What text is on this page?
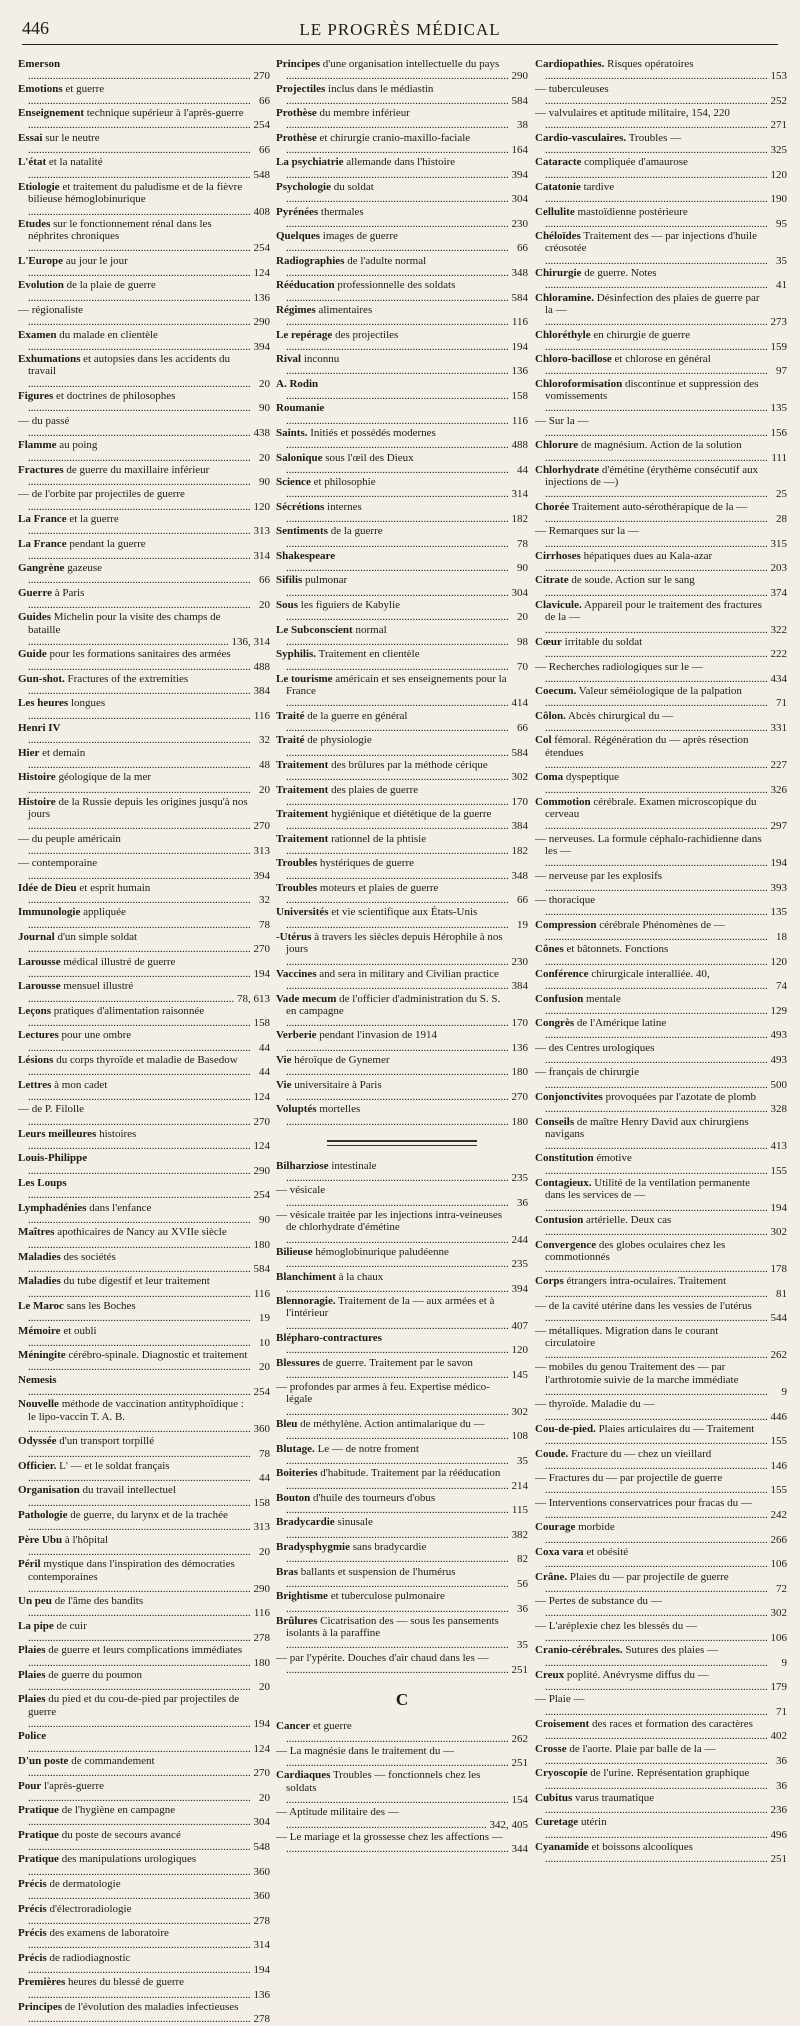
446	LE PROGRÈS MÉDICAL
Emerson .....
270
Emotions et guerre .....
66
Enseignement technique supérieur à l'après-guerre .....
254
Essai sur le neutre .....
66
L'état et la natalité .....
548
Etiologie et traitement du paludisme et de la fièvre bilieuse hémoglobinurique .....
408
Etudes sur le fonctionnement rénal dans les néphrites chroniques .....
254
L'Europe au jour le jour .....
124
Evolution de la plaie de guerre .....
136
— régionaliste .....
290
Examen du malade en clientèle .....
394
Exhumations et autopsies dans les accidents du travail .....
20
Figures et doctrines de philosophes .....
90
— du passé .....
438
Flamme au poing .....
20
Fractures de guerre du maxillaire inférieur .....
90
— de l'orbite par projectiles de guerre .....
120
La France et la guerre .....
313
La France pendant la guerre .....
314
Gangrène gazeuse .....
66
Guerre à Paris .....
20
Guides Michelin pour la visite des champs de bataille .....
136, 314
Guide pour les formations sanitaires des armées .....
488
Gun-shot. Fractures of the extremities .....
384
Les heures longues .....
116
Henri IV .....
32
Hier et demain .....
48
Histoire géologique de la mer .....
20
Histoire de la Russie depuis les origines jusqu'à nos jours .....
270
— du peuple américain .....
313
— contemporaine .....
394
Idée de Dieu et esprit humain .....
32
Immunologie appliquée .....
78
Journal d'un simple soldat .....
270
Larousse médical illustré de guerre .....
194
Larousse mensuel illustré .....
78, 613
Leçons pratiques d'alimentation raisonnée .....
158
Lectures pour une ombre .....
44
Lésions du corps thyroïde et maladie de Basedow .....
44
Lettres à mon cadet .....
124
— de P. Filolle .....
270
Leurs meilleures histoires .....
124
Louis-Philippe .....
290
Les Loups .....
254
Lymphadénies dans l'enfance .....
90
Maîtres apothicaires de Nancy au XVIIe siècle .....
180
Maladies des sociétés .....
584
Maladies du tube digestif et leur traitement .....
116
Le Maroc sans les Boches .....
19
Mémoire et oubli .....
10
Méningite cérébro-spinale. Diagnostic et traitement .....
20
Nemesis .....
254
Nouvelle méthode de vaccination antityphoïdique : le lipo-vaccin T. A. B. .....
360
Odyssée d'un transport torpillé .....
78
Officier. L' — et le soldat français .....
44
Organisation du travail intellectuel .....
158
Pathologie de guerre, du larynx et de la trachée .....
313
Père Ubu à l'hôpital .....
20
Péril mystique dans l'inspiration des démocraties contemporaines .....
290
Un peu de l'âme des bandits .....
116
La pipe de cuir .....
278
Plaies de guerre et leurs complications immédiates .....
180
Plaies de guerre du poumon .....
20
Plaies du pied et du cou-de-pied par projectiles de guerre .....
194
Police .....
124
D'un poste de commandement .....
270
Pour l'après-guerre .....
20
Pratique de l'hygiène en campagne .....
304
Pratique du poste de secours avancé .....
548
Pratique des manipulations urologiques .....
360
Précis de dermatologie .....
360
Précis d'électroradiologie .....
278
Précis des examens de laboratoire .....
314
Précis de radiodiagnostic .....
194
Premières heures du blessé de guerre .....
136
Principes de l'évolution des maladies infectieuses .....
278
Principes d'une organisation intellectuelle du pays .....
290
Projectiles inclus dans le médiastin .....
584
Prothèse du membre inférieur .....
38
Prothèse et chirurgie cranio-maxillo-faciale .....
164
La psychiatrie allemande dans l'histoire .....
394
Psychologie du soldat .....
304
Pyrénées thermales .....
230
Quelques images de guerre .....
66
Radiographies de l'adulte normal .....
348
Rééducation professionnelle des soldats .....
584
Régimes alimentaires .....
116
Le repérage des projectiles .....
194
Rival inconnu .....
136
A. Rodin .....
158
Roumanie .....
116
Saints. Initiés et possédés modernes .....
488
Salonique sous l'œil des Dieux .....
44
Science et philosophie .....
314
Sécrétions internes .....
182
Sentiments de la guerre .....
78
Shakespeare .....
90
Sifilis pulmonar .....
304
Sous les figuiers de Kabylie .....
20
Le Subconscient normal .....
98
Syphilis. Traitement en clientèle .....
70
Le tourisme américain et ses enseignements pour la France .....
414
Traité de la guerre en général .....
66
Traité de physiologie .....
584
Traitement des brûlures par la méthode cérique .....
302
Traitement des plaies de guerre .....
170
Traitement hygiénique et diététique de la guerre .....
384
Traitement rationnel de la phtisie .....
182
Troubles hystériques de guerre .....
348
Troubles moteurs et plaies de guerre .....
66
Universités et vie scientifique aux États-Unis .....
19
-Utérus à travers les siècles depuis Hérophile à nos jours .....
230
Vaccines and sera in military and Civilian practice .....
384
Vade mecum de l'officier d'administration du S. S. en campagne .....
170
Verberie pendant l'invasion de 1914 .....
136
Vie héroïque de Gynemer .....
180
Vie universitaire à Paris .....
270
Voluptés mortelles .....
180
Bilharziose intestinale .....
235
— vésicale .....
36
— vésicale traitée par les injections intra-veineuses de chlorhydrate d'émétine .....
244
Bilieuse hémoglobinurique paludéenne .....
235
Blanchiment à la chaux .....
394
Blennoragie. Traitement de la — aux armées et à l'intérieur .....
407
Blépharo-contractures .....
120
Blessures de guerre. Traitement par le savon .....
145
— profondes par armes à feu. Expertise médico-légale .....
302
Bleu de méthylène. Action antimalarique du — .....
108
Blutage. Le — de notre froment .....
35
Boiteries d'habitude. Traitement par la rééducation .....
214
Bouton d'huile des tourneurs d'obus .....
115
Bradycardie sinusale .....
382
Bradysphygmie sans bradycardie .....
82
Bras ballants et suspension de l'humérus .....
56
Brightisme et tuberculose pulmonaire .....
36
Brûlures Cicatrisation des — sous les pansements isolants à la paraffine .....
35
— par l'ypérite. Douches d'air chaud dans les — .....
251
C
Cancer et guerre .....
262
— La magnésie dans le traitement du — .....
251
Cardiaques Troubles — fonctionnels chez les soldats .....
154
— Aptitude militaire des — .....
342, 405
— Le mariage et la grossesse chez les affections — .....
344
Cardiopathies. Risques opératoires .....
153
— tuberculeuses .....
252
— valvulaires et aptitude militaire, 154, 220 .....
271
Cardio-vasculaires. Troubles — .....
325
Cataracte compliquée d'amaurose .....
120
Catatonie tardive .....
190
Cellulite mastoïdienne postérieure .....
95
Chéloïdes Traitement des — par injections d'huile créosotée .....
35
Chirurgie de guerre. Notes .....
41
Chloramine. Désinfection des plaies de guerre par la — .....
273
Chloréthyle en chirurgie de guerre .....
159
Chloro-bacillose et chlorose en général .....
97
Chloroformisation discontinue et suppression des vomissements .....
135
— Sur la — .....
156
Chlorure de magnésium. Action de la solution .....
111
Chlorhydrate d'émétine (érythème consécutif aux injections de —) .....
25
Chorée Traitement auto-sérothérapique de la — .....
28
— Remarques sur la — .....
315
Cirrhoses hépatiques dues au Kala-azar .....
203
Citrate de soude. Action sur le sang .....
374
Clavicule. Appareil pour le traitement des fractures de la — .....
322
Cœur irritable du soldat .....
222
— Recherches radiologiques sur le — .....
434
Coecum. Valeur séméiologique de la palpation .....
71
Côlon. Abcès chirurgical du — .....
331
Col fémoral. Régénération du — après résection étendues .....
227
Coma dyspeptique .....
326
Commotion cérébrale. Examen microscopique du cerveau .....
297
— nerveuses. La formule céphalo-rachidienne dans les — .....
194
— nerveuse par les explosifs .....
393
— thoracique .....
135
Compression cérébrale Phénomènes de — .....
18
Cônes et bâtonnets. Fonctions .....
120
Conférence chirurgicale interalliée. 40, .....
74
Confusion mentale .....
129
Congrès de l'Amérique latine .....
493
— des Centres urologiques .....
493
— français de chirurgie .....
500
Conjonctivites provoquées par l'azotate de plomb .....
328
Conseils de maître Henry David aux chirurgiens navigans .....
413
Constitution émotive .....
155
Contagieux. Utilité de la ventilation permanente dans les services de — .....
194
Contusion artérielle. Deux cas .....
302
Convergence des globes oculaires chez les commotionnés .....
178
Corps étrangers intra-oculaires. Traitement .....
81
— de la cavité utérine dans les vessies de l'utérus .....
544
— métalliques. Migration dans le courant circulatoire .....
262
— mobiles du genou Traitement des — par l'arthrotomie suivie de la marche immédiate .....
9
— thyroïde. Maladie du — .....
446
Cou-de-pied. Plaies articulaires du — Traitement .....
155
Coude. Fracture du — chez un vieillard .....
146
— Fractures du — par projectile de guerre .....
155
— Interventions conservatrices pour fracas du — .....
242
Courage morbide .....
266
Coxa vara et obésité .....
106
Crâne. Plaies du — par projectile de guerre .....
72
— Pertes de substance du — .....
302
— L'aréplexie chez les blessés du — .....
106
Cranio-cérébrales. Sutures des plaies — .....
9
Creux poplité. Anévrysme diffus du — .....
179
— Plaie — .....
71
Croisement des races et formation des caractères .....
402
Crosse de l'aorte. Plaie par balle de la — .....
36
Cryoscopie de l'urine. Représentation graphique .....
36
Cubitus varus traumatique .....
236
Curetage utérin .....
496
Cyanamide et boissons alcooliques .....
251
